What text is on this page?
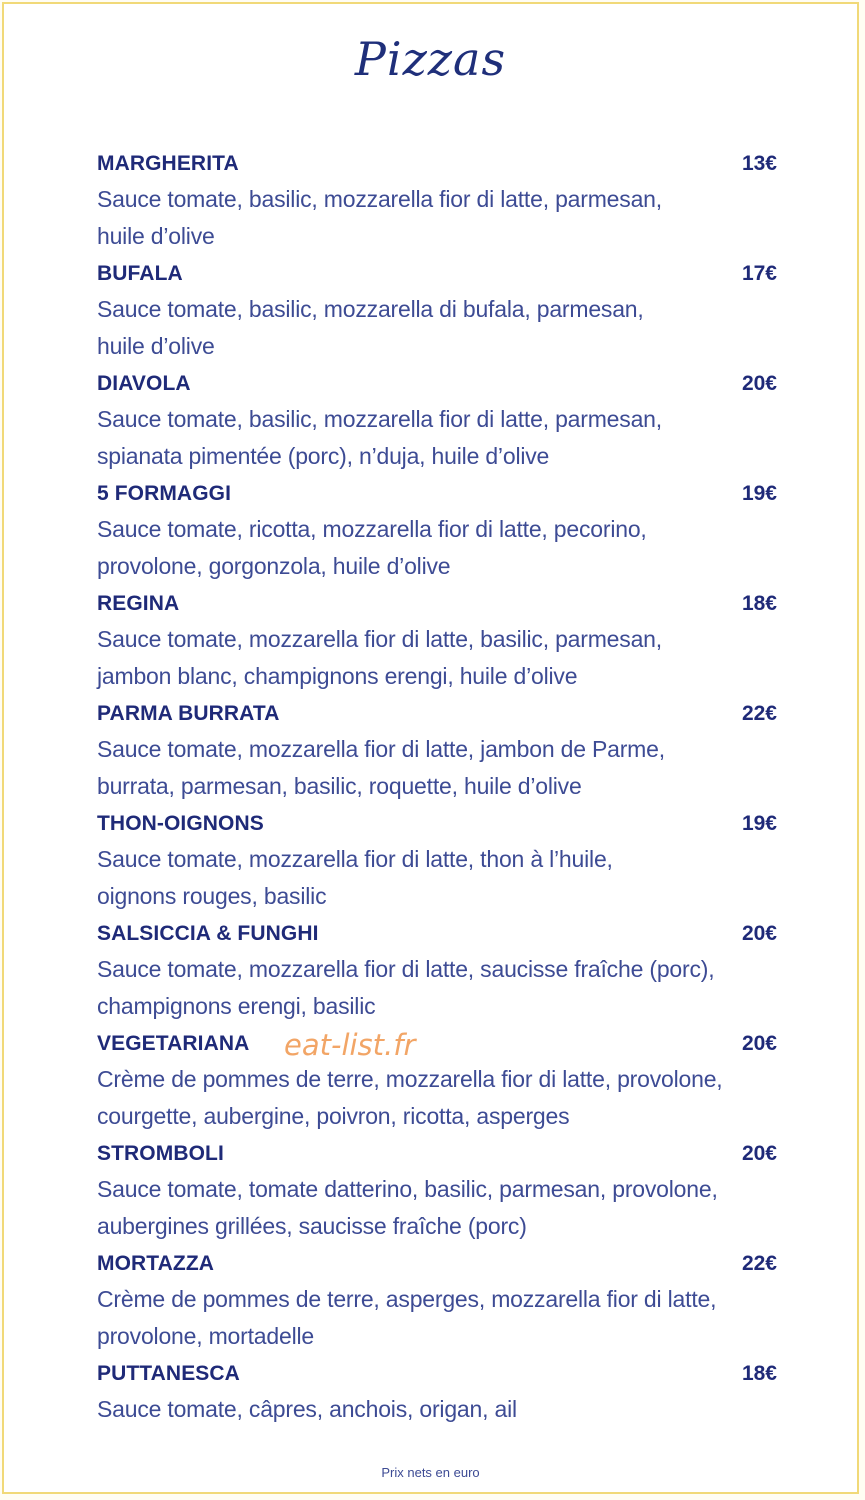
Pizzas
MARGHERITA	13€
Sauce tomate, basilic, mozzarella fior di latte, parmesan,
huile d’olive
BUFALA	17€
Sauce tomate, basilic, mozzarella di bufala, parmesan,
huile d’olive
DIAVOLA	20€
Sauce tomate, basilic, mozzarella fior di latte, parmesan,
spianata pimentée (porc), n’duja, huile d’olive
5 FORMAGGI	19€
Sauce tomate, ricotta, mozzarella fior di latte, pecorino,
provolone, gorgonzola, huile d’olive
REGINA	18€
Sauce tomate, mozzarella fior di latte, basilic, parmesan,
jambon blanc, champignons erengi, huile d’olive
PARMA BURRATA	22€
Sauce tomate, mozzarella fior di latte, jambon de Parme,
burrata, parmesan, basilic, roquette, huile d’olive
THON-OIGNONS	19€
Sauce tomate, mozzarella fior di latte, thon à l’huile,
oignons rouges, basilic
SALSICCIA & FUNGHI	20€
Sauce tomate, mozzarella fior di latte, saucisse fraîche (porc),
champignons erengi, basilic
VEGETARIANA	20€
Crème de pommes de terre, mozzarella fior di latte, provolone,
courgette, aubergine, poivron, ricotta, asperges
STROMBOLI	20€
Sauce tomate, tomate datterino, basilic, parmesan, provolone,
aubergines grillées, saucisse fraîche (porc)
MORTAZZA	22€
Crème de pommes de terre, asperges, mozzarella fior di latte,
provolone, mortadelle
PUTTANESCA	18€
Sauce tomate, câpres, anchois, origan, ail
eat-list.fr
Prix nets en euro
